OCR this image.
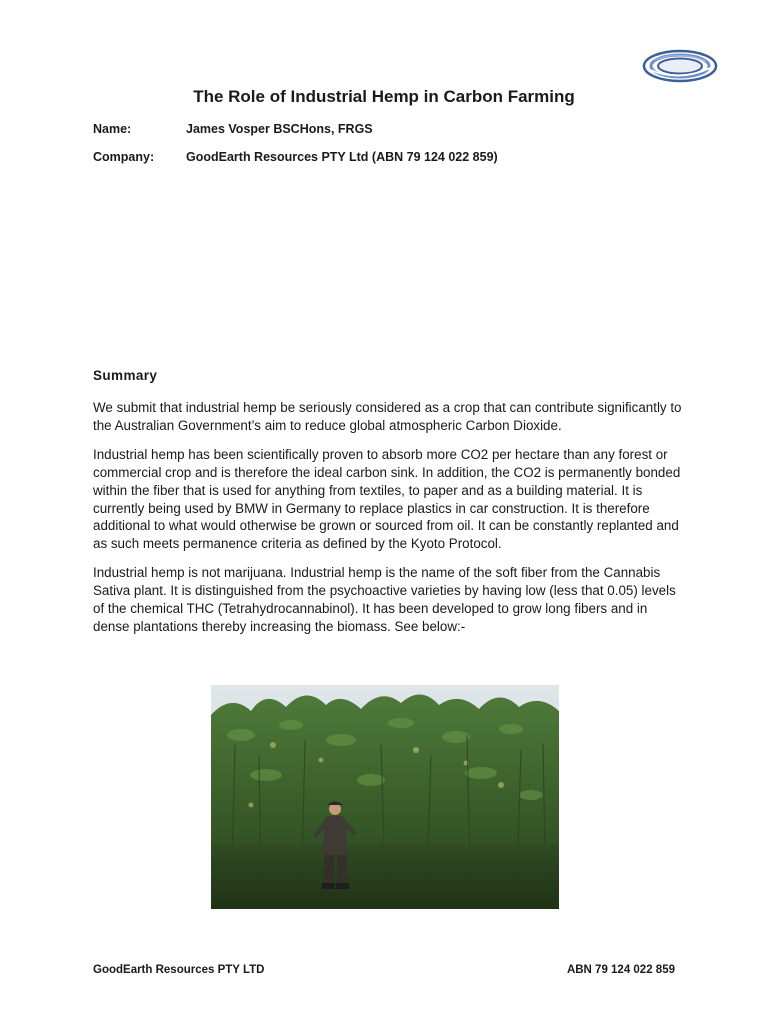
The Role of Industrial Hemp in Carbon Farming
Name:	James Vosper BSCHons, FRGS
Company:	GoodEarth Resources PTY Ltd (ABN 79 124 022 859)
Summary

We submit that industrial hemp be seriously considered as a crop that can contribute significantly to the Australian Government’s aim to reduce global atmospheric Carbon Dioxide.

Industrial hemp has been scientifically proven to absorb more CO2 per hectare than any forest or commercial crop and is therefore the ideal carbon sink. In addition, the CO2 is permanently bonded within the fiber that is used for anything from textiles, to paper and as a building material. It is currently being used by BMW in Germany to replace plastics in car construction. It is therefore additional to what would otherwise be grown or sourced from oil. It can be constantly replanted and as such meets permanence criteria as defined by the Kyoto Protocol.

Industrial hemp is not marijuana. Industrial hemp is the name of the soft fiber from the Cannabis Sativa plant. It is distinguished from the psychoactive varieties by having low (less that 0.05) levels of the chemical THC (Tetrahydrocannabinol). It has been developed to grow long fibers and in dense plantations thereby increasing the biomass. See below:-

GoodEarth Resources PTY LTD	ABN 79 124 022 859
